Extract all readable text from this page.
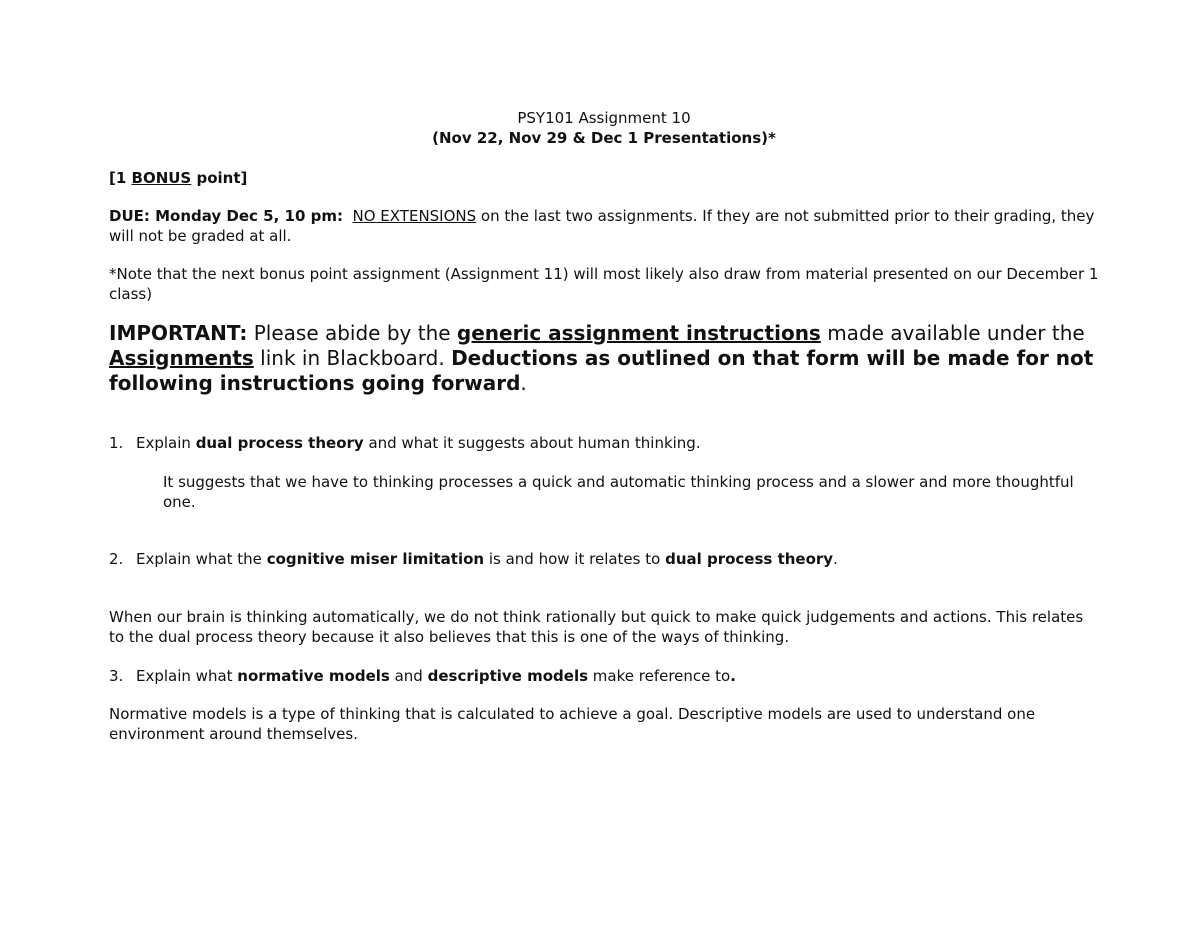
PSY101 Assignment 10
(Nov 22, Nov 29 & Dec 1 Presentations)*
[1 BONUS point]
DUE: Monday Dec 5, 10 pm: NO EXTENSIONS on the last two assignments. If they are not submitted prior to their grading, they will not be graded at all.
*Note that the next bonus point assignment (Assignment 11) will most likely also draw from material presented on our December 1 class)
IMPORTANT: Please abide by the generic assignment instructions made available under the Assignments link in Blackboard. Deductions as outlined on that form will be made for not following instructions going forward.
1. Explain dual process theory and what it suggests about human thinking.
It suggests that we have to thinking processes a quick and automatic thinking process and a slower and more thoughtful one.
2. Explain what the cognitive miser limitation is and how it relates to dual process theory.
When our brain is thinking automatically, we do not think rationally but quick to make quick judgements and actions. This relates to the dual process theory because it also believes that this is one of the ways of thinking.
3. Explain what normative models and descriptive models make reference to.
Normative models is a type of thinking that is calculated to achieve a goal. Descriptive models are used to understand one environment around themselves.
